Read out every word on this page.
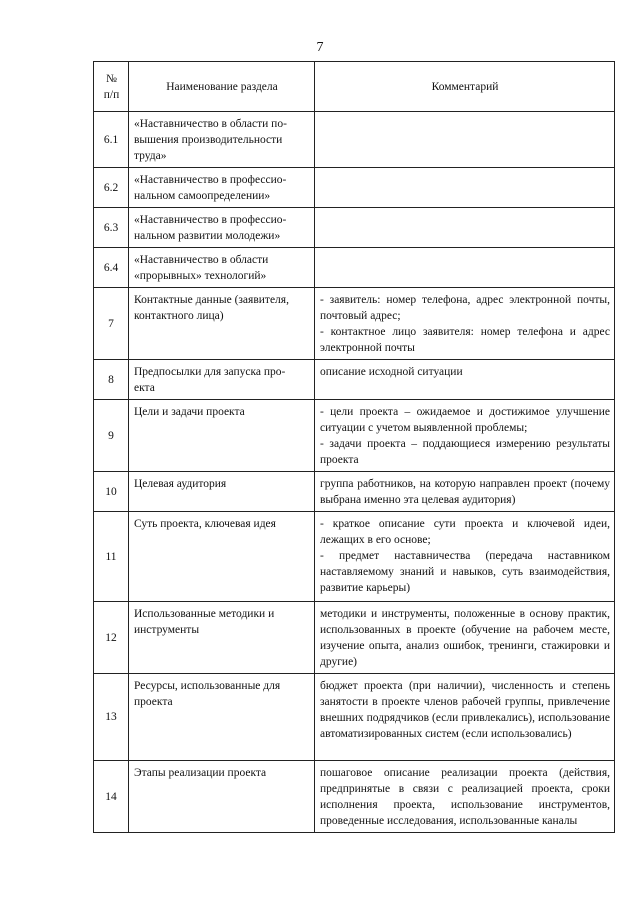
7
№
п/п	Наименование раздела	Комментарий
6.1	«Наставничество в области по-
вышения производительности
труда»	
6.2	«Наставничество в профессио-
нальном самоопределении»	
6.3	«Наставничество в профессио-
нальном развитии молодежи»	
6.4	«Наставничество в области
«прорывных» технологий»	
7	Контактные данные (заявителя,
контактного лица)	- заявитель: номер телефона, адрес электронной почты, почтовый адрес;
- контактное лицо заявителя: номер телефона и адрес электронной почты
8	Предпосылки для запуска про-
екта	описание исходной ситуации
9	Цели и задачи проекта	- цели проекта – ожидаемое и достижимое улучшение ситуации с учетом выявленной проблемы;
- задачи проекта – поддающиеся измерению результаты проекта
10	Целевая аудитория	группа работников, на которую направлен проект (почему выбрана именно эта целевая аудитория)
11	Суть проекта, ключевая идея	- краткое описание сути проекта и ключевой идеи, лежащих в его основе;
- предмет наставничества (передача наставником наставляемому знаний и навыков, суть взаимодействия, развитие карьеры)
12	Использованные методики и
инструменты	методики и инструменты, положенные в основу практик, использованных в проекте (обучение на рабочем месте, изучение опыта, анализ ошибок, тренинги, стажировки и другие)
13	Ресурсы, использованные для
проекта	бюджет проекта (при наличии), численность и степень занятости в проекте членов рабочей группы, привлечение внешних подрядчиков (если привлекались), использование автоматизированных систем (если использовались)
14	Этапы реализации проекта	пошаговое описание реализации проекта (действия, предпринятые в связи с реализацией проекта, сроки исполнения проекта, использование инструментов, проведенные исследования, использованные каналы
